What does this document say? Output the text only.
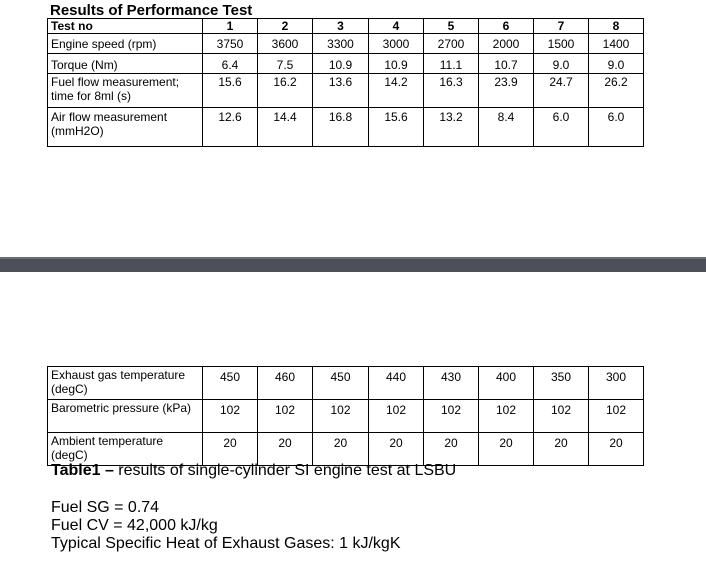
Results of Performance Test
Test no	1	2	3	4	5	6	7	8
Engine speed (rpm)	3750	3600	3300	3000	2700	2000	1500	1400
Torque (Nm)	6.4	7.5	10.9	10.9	11.1	10.7	9.0	9.0
Fuel flow measurement; time for 8ml (s)	15.6	16.2	13.6	14.2	16.3	23.9	24.7	26.2
Air flow measurement (mmH2O)	12.6	14.4	16.8	15.6	13.2	8.4	6.0	6.0
Exhaust gas temperature (degC)	450	460	450	440	430	400	350	300
Barometric pressure (kPa)	102	102	102	102	102	102	102	102
Ambient temperature (degC)	20	20	20	20	20	20	20	20
Table1 – results of single-cylinder SI engine test at LSBU
Fuel SG = 0.74
Fuel CV = 42,000 kJ/kg
Typical Specific Heat of Exhaust Gases: 1 kJ/kgK
